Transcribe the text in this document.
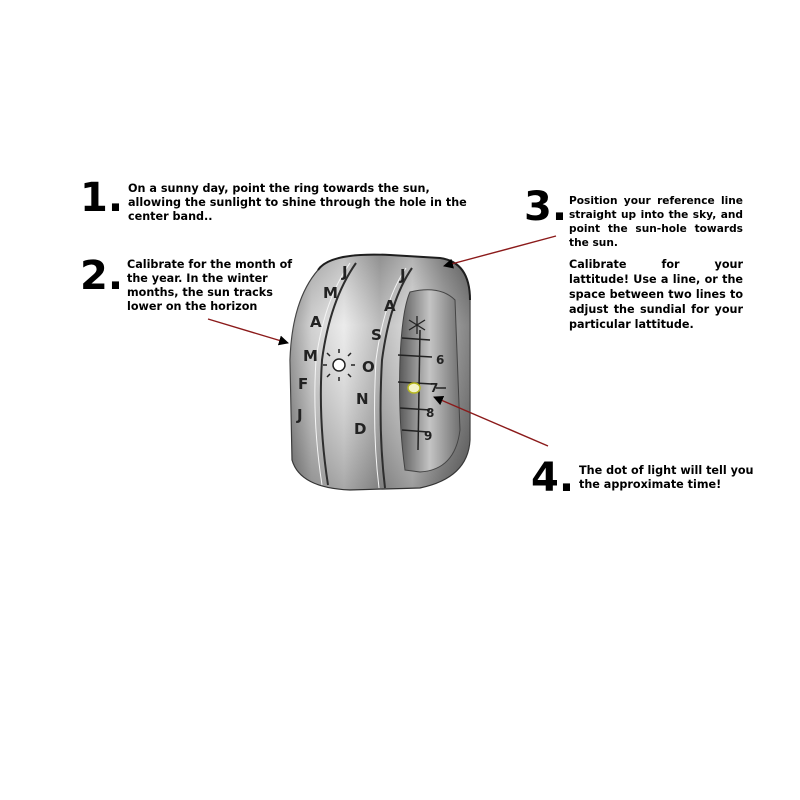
1. On a sunny day, point the ring towards the sun, allowing the sunlight to shine through the hole in the center band..
2. Calibrate for the month of the year. In the winter months, the sun tracks lower on the horizon
3. Position your reference line straight up into the sky, and point the sun-hole towards the sun.
Calibrate for your lattitude! Use a line, or the space between two lines to adjust the sundial for your particular lattitude.
4. The dot of light will tell you the approximate time!
J
M
A
M
F
J
J
A
S
O
N
D
6
7
8
9
